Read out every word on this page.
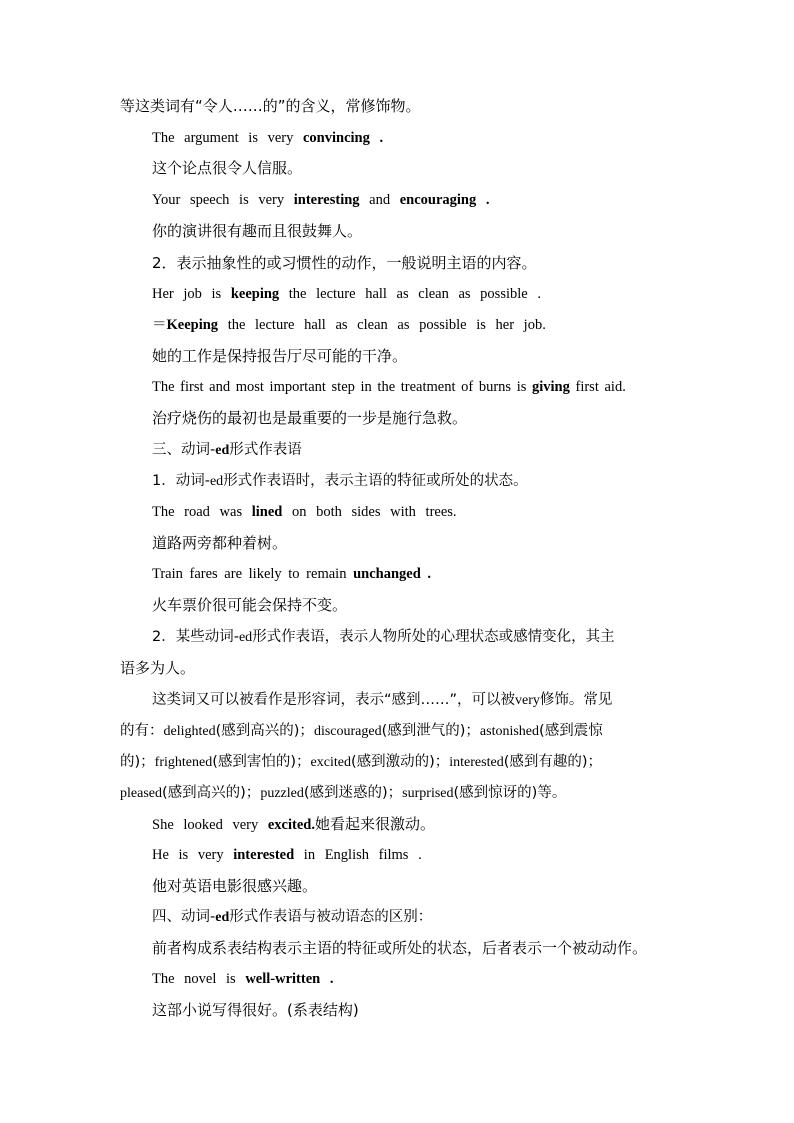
等这类词有“令人……的”的含义，常修饰物。
The argument is very convincing .
这个论点很令人信服。
Your speech is very interesting and encouraging .
你的演讲很有趣而且很鼓舞人。
2．表示抽象性的或习惯性的动作，一般说明主语的内容。
Her job is keeping the lecture hall as clean as possible .
＝Keeping the lecture hall as clean as possible is her job.
她的工作是保持报告厅尽可能的干净。
The first and most important step in the treatment of burns is giving first aid.
治疗烧伤的最初也是最重要的一步是施行急救。
三、动词-ed形式作表语
1．动词-ed形式作表语时，表示主语的特征或所处的状态。
The road was lined on both sides with trees.
道路两旁都种着树。
Train fares are likely to remain unchanged .
火车票价很可能会保持不变。
2．某些动词-ed形式作表语，表示人物所处的心理状态或感情变化，其主
语多为人。
这类词又可以被看作是形容词，表示“感到……”，可以被very修饰。常见
的有：delighted(感到高兴的)；discouraged(感到泄气的)；astonished(感到震惊
的)；frightened(感到害怕的)；excited(感到激动的)；interested(感到有趣的)；
pleased(感到高兴的)；puzzled(感到迷惑的)；surprised(感到惊讶的)等。
She looked very excited.她看起来很激动。
He is very interested in English films .
他对英语电影很感兴趣。
四、动词-ed形式作表语与被动语态的区别：
前者构成系表结构表示主语的特征或所处的状态，后者表示一个被动动作。
The novel is well-written .
这部小说写得很好。(系表结构)
